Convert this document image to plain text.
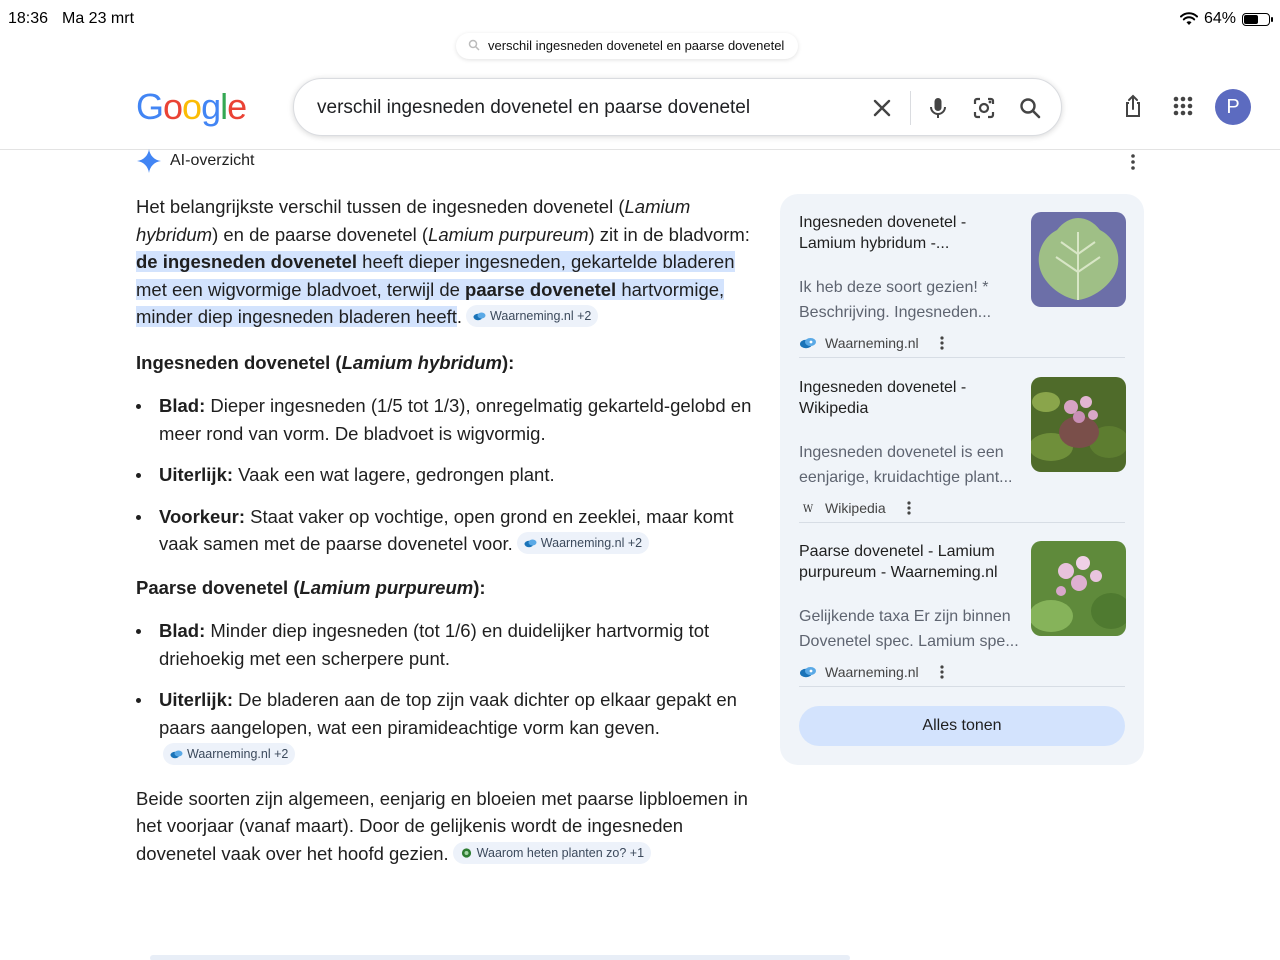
18:36 Ma 23 mrt	64%
verschil ingesneden dovenetel en paarse dovenetel
Google	verschil ingesneden dovenetel en paarse dovenetel	P
AI-overzicht

Het belangrijkste verschil tussen de ingesneden dovenetel (Lamium hybridum) en de paarse dovenetel (Lamium purpureum) zit in de bladvorm: de ingesneden dovenetel heeft dieper ingesneden, gekartelde bladeren met een wigvormige bladvoet, terwijl de paarse dovenetel hartvormige, minder diep ingesneden bladeren heeft. Waarneming.nl +2

Ingesneden dovenetel (Lamium hybridum):
Blad: Dieper ingesneden (1/5 tot 1/3), onregelmatig gekarteld-gelobd en meer rond van vorm. De bladvoet is wigvormig.
Uiterlijk: Vaak een wat lagere, gedrongen plant.
Voorkeur: Staat vaker op vochtige, open grond en zeeklei, maar komt vaak samen met de paarse dovenetel voor. Waarneming.nl +2
Paarse dovenetel (Lamium purpureum):
Blad: Minder diep ingesneden (tot 1/6) en duidelijker hartvormig tot driehoekig met een scherpere punt.
Uiterlijk: De bladeren aan de top zijn vaak dichter op elkaar gepakt en paars aangelopen, wat een piramideachtige vorm kan geven.
Waarneming.nl +2

Beide soorten zijn algemeen, eenjarig en bloeien met paarse lipbloemen in het voorjaar (vanaf maart). Door de gelijkenis wordt de ingesneden dovenetel vaak over het hoofd gezien. Waarom heten planten zo? +1

Ingesneden dovenetel - Lamium hybridum -...
Ik heb deze soort gezien! * Beschrijving. Ingesneden...
Waarneming.nl
Ingesneden dovenetel - Wikipedia
Ingesneden dovenetel is een eenjarige, kruidachtige plant...
W Wikipedia
Paarse dovenetel - Lamium purpureum - Waarneming.nl
Gelijkende taxa Er zijn binnen Dovenetel spec. Lamium spe...
Waarneming.nl
Alles tonen
